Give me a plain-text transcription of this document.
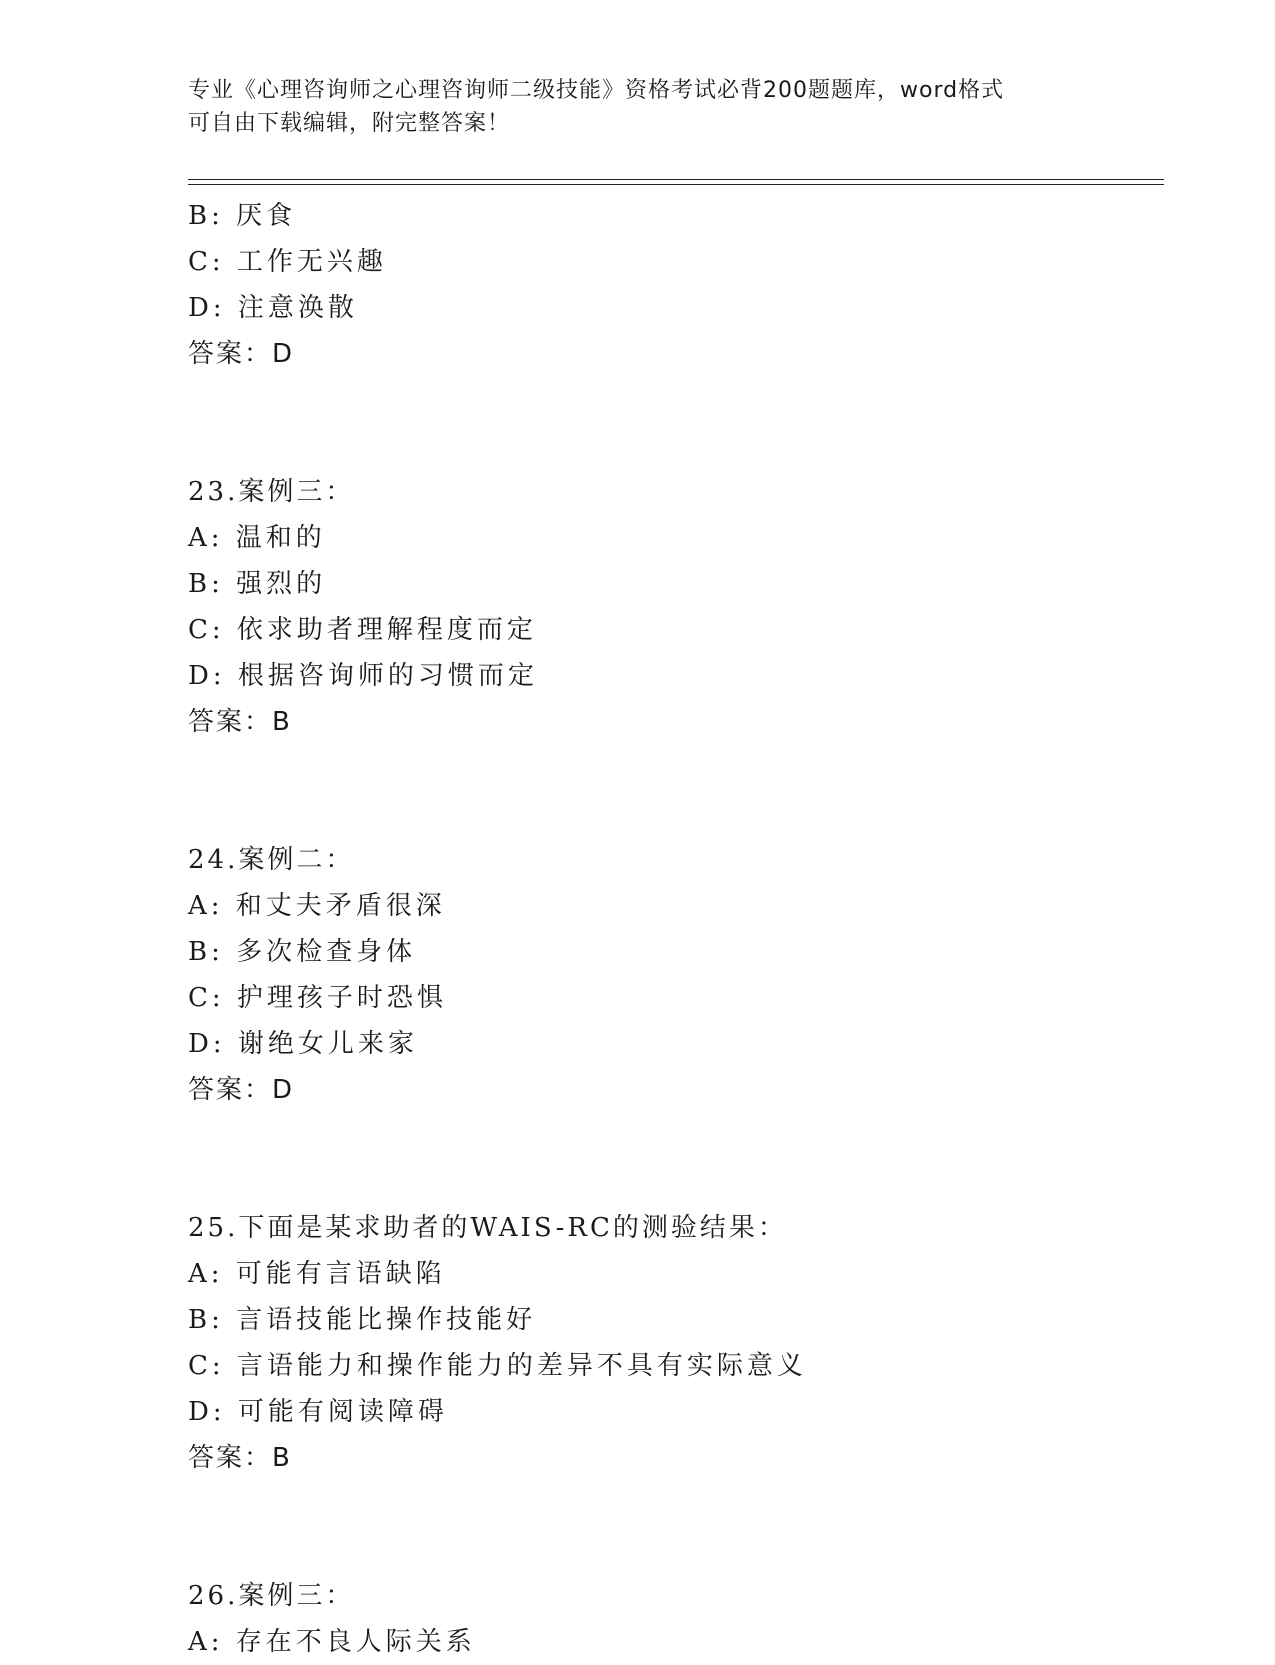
专业《心理咨询师之心理咨询师二级技能》资格考试必背200题题库，word格式
可自由下载编辑，附完整答案！
B: 厌食
C: 工作无兴趣
D: 注意涣散
答案：D
23.案例三：
A: 温和的
B: 强烈的
C: 依求助者理解程度而定
D: 根据咨询师的习惯而定
答案：B
24.案例二：
A: 和丈夫矛盾很深
B: 多次检查身体
C: 护理孩子时恐惧
D: 谢绝女儿来家
答案：D
25.下面是某求助者的WAIS-RC的测验结果：
A: 可能有言语缺陷
B: 言语技能比操作技能好
C: 言语能力和操作能力的差异不具有实际意义
D: 可能有阅读障碍
答案：B
26.案例三：
A: 存在不良人际关系
